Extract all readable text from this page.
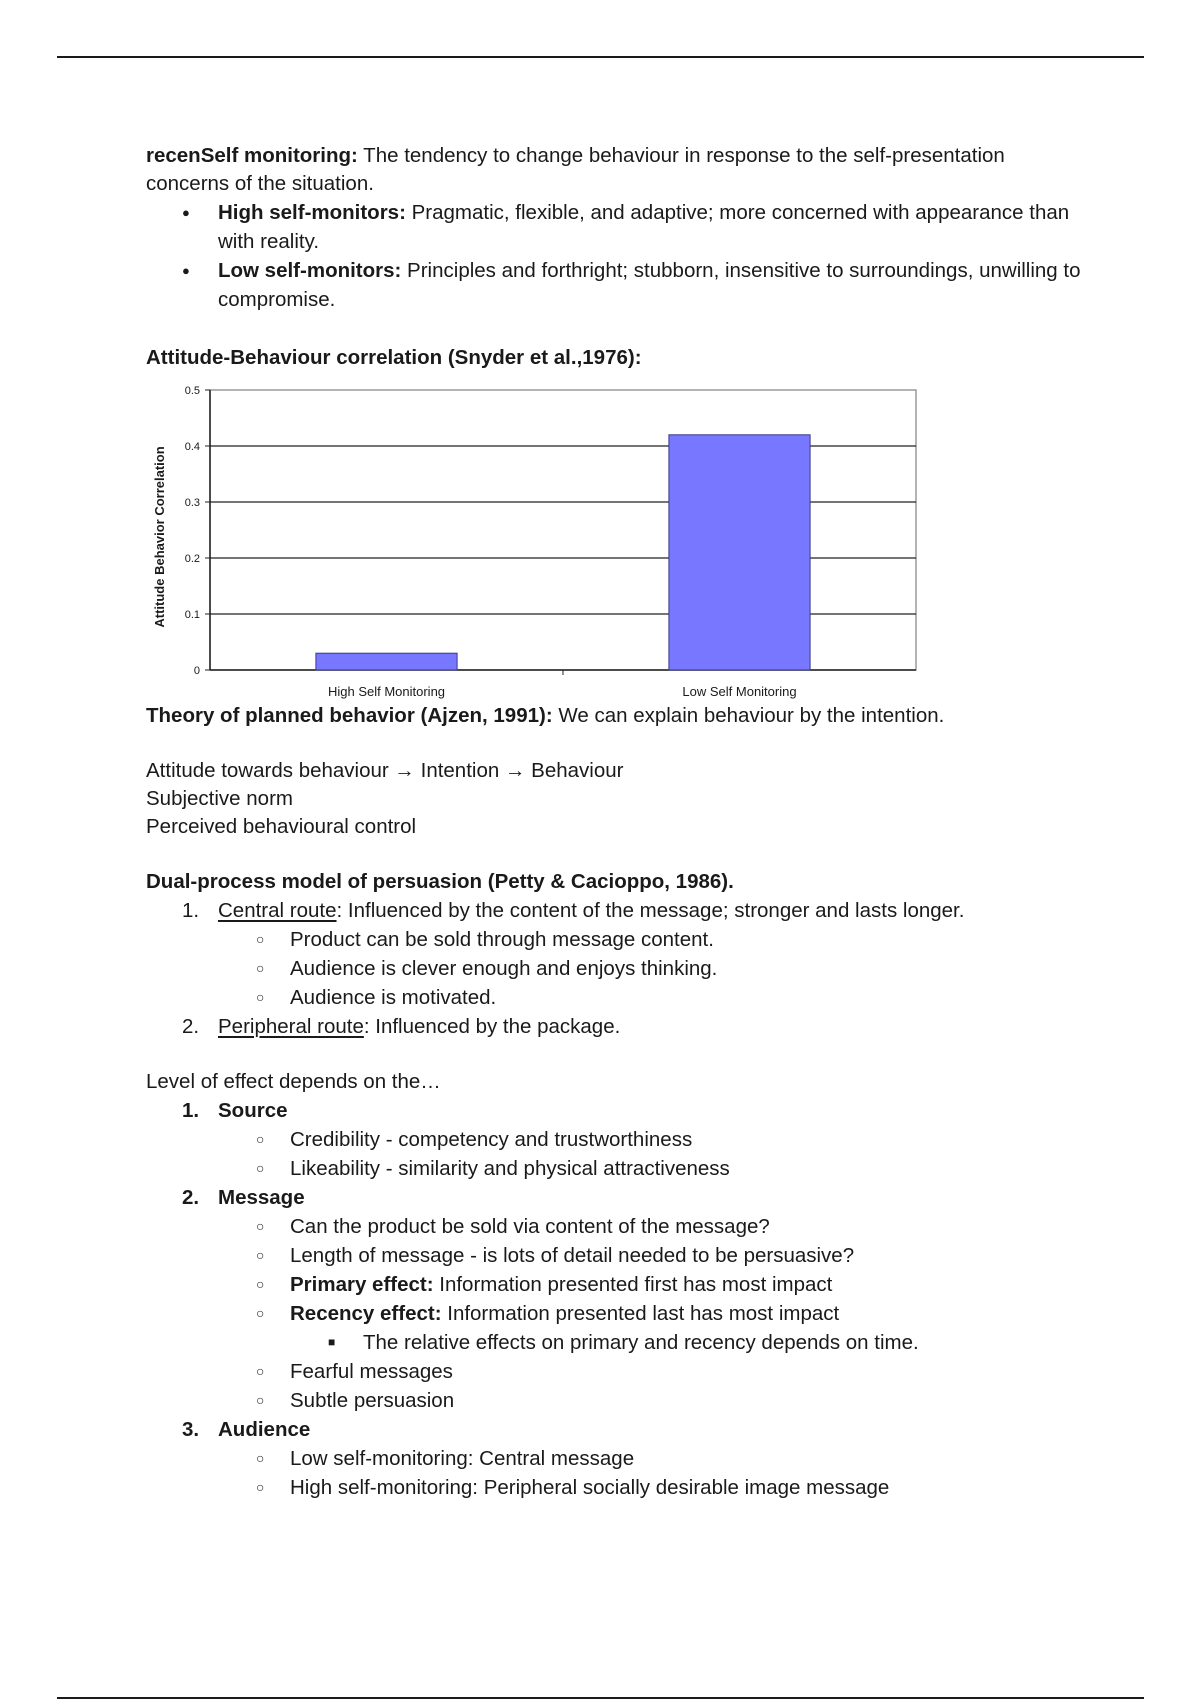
recenSelf monitoring: The tendency to change behaviour in response to the self-presentation concerns of the situation.

● High self-monitors: Pragmatic, flexible, and adaptive; more concerned with appearance than with reality.
● Low self-monitors: Principles and forthright; stubborn, insensitive to surroundings, unwilling to compromise.

Attitude-Behaviour correlation (Snyder et al.,1976):

0
0.1
0.2
0.3
0.4
0.5
High Self Monitoring	Low Self Monitoring
Attitude Behavior Correlation

Theory of planned behavior (Ajzen, 1991): We can explain behaviour by the intention.

Attitude towards behaviour → Intention → Behaviour

Subjective norm

Perceived behavioural control

Dual-process model of persuasion (Petty & Cacioppo, 1986).

1. Central route: Influenced by the content of the message; stronger and lasts longer.
○ Product can be sold through message content.
○ Audience is clever enough and enjoys thinking.
○ Audience is motivated.
2. Peripheral route: Influenced by the package.

Level of effect depends on the…

1. Source
○ Credibility - competency and trustworthiness
○ Likeability - similarity and physical attractiveness
2. Message
○ Can the product be sold via content of the message?
○ Length of message - is lots of detail needed to be persuasive?
○ Primary effect: Information presented first has most impact
○ Recency effect: Information presented last has most impact
■ The relative effects on primary and recency depends on time.
○ Fearful messages
○ Subtle persuasion
3. Audience
○ Low self-monitoring: Central message
○ High self-monitoring: Peripheral socially desirable image message
